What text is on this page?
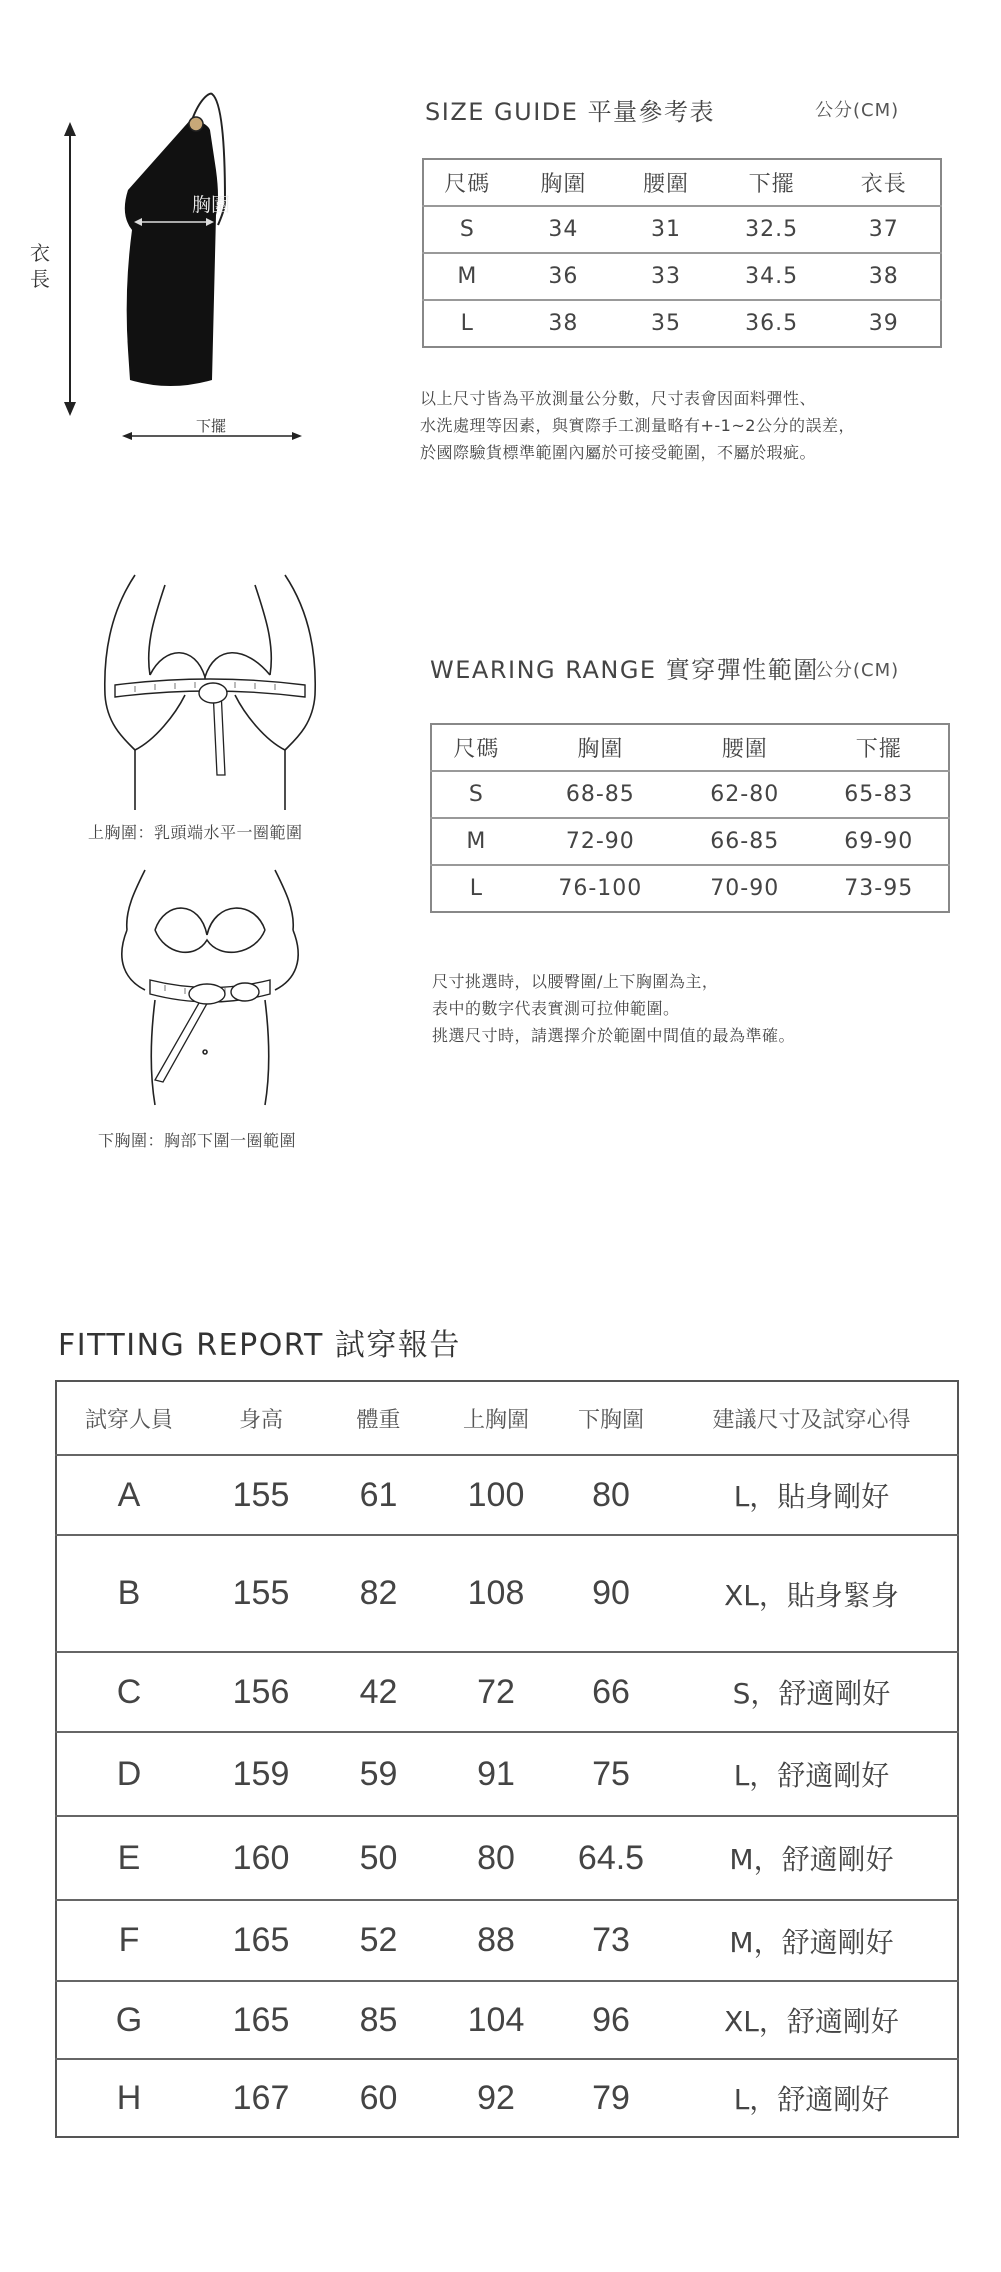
胸圍
衣長
下擺
SIZE GUIDE 平量參考表	公分(CM)
尺碼	胸圍	腰圍	下擺	衣長
S	34	31	32.5	37
M	36	33	34.5	38
L	38	35	36.5	39
以上尺寸皆為平放測量公分數，尺寸表會因面料彈性、
水洗處理等因素，與實際手工測量略有+-1~2公分的誤差，
於國際驗貨標準範圍內屬於可接受範圍，不屬於瑕疵。
上胸圍：乳頭端水平一圈範圍
下胸圍：胸部下圍一圈範圍
WEARING RANGE 實穿彈性範圍
公分(CM)
尺碼	胸圍	腰圍	下擺
S	68-85	62-80	65-83
M	72-90	66-85	69-90
L	76-100	70-90	73-95
尺寸挑選時，以腰臀圍/上下胸圍為主，
表中的數字代表實測可拉伸範圍。
挑選尺寸時，請選擇介於範圍中間值的最為準確。
FITTING REPORT 試穿報告
試穿人員	身高	體重	上胸圍	下胸圍	建議尺寸及試穿心得
A	155	61	100	80	L，貼身剛好
B	155	82	108	90	XL，貼身緊身
C	156	42	72	66	S，舒適剛好
D	159	59	91	75	L，舒適剛好
E	160	50	80	64.5	M，舒適剛好
F	165	52	88	73	M，舒適剛好
G	165	85	104	96	XL，舒適剛好
H	167	60	92	79	L，舒適剛好
